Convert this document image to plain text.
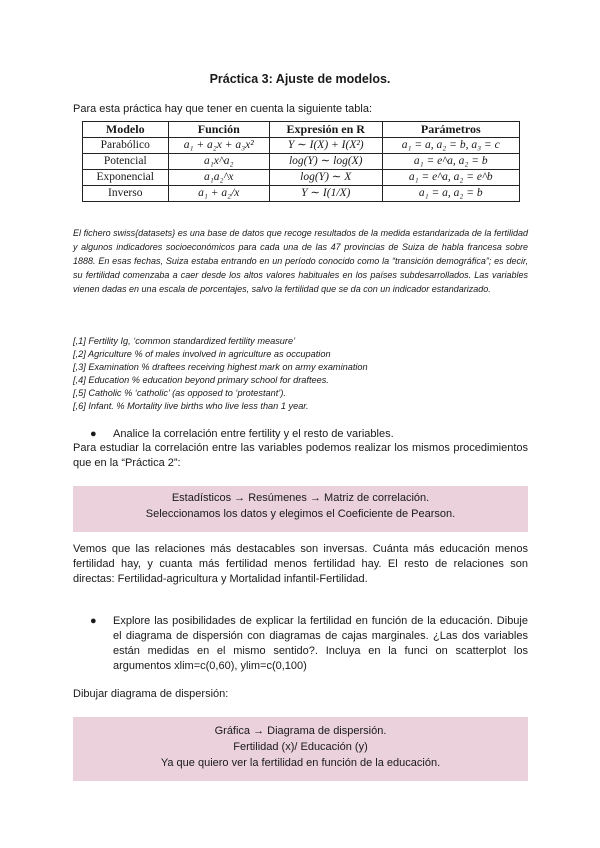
Práctica 3: Ajuste de modelos.
Para esta práctica hay que tener en cuenta la siguiente tabla:
Modelo	Función	Expresión en R	Parámetros
Parabólico	a₁ + a₂x + a₃x²	Y ∼ I(X) + I(X²)	a₁ = a, a₂ = b, a₃ = c
Potencial	a₁x^a₂	log(Y) ∼ log(X)	a₁ = e^a, a₂ = b
Exponencial	a₁a₂^x	log(Y) ∼ X	a₁ = e^a, a₂ = e^b
Inverso	a₁ + a₂/x	Y ∼ I(1/X)	a₁ = a, a₂ = b
El fichero swiss{datasets} es una base de datos que recoge resultados de la medida estandarizada de la fertilidad y algunos indicadores socioeconómicos para cada una de las 47 provincias de Suiza de habla francesa sobre 1888. En esas fechas, Suiza estaba entrando en un período conocido como la “transición demográfica”; es decir, su fertilidad comenzaba a caer desde los altos valores habituales en los países subdesarrollados. Las variables vienen dadas en una escala de porcentajes, salvo la fertilidad que se da con un indicador estandarizado.
[,1] Fertility Ig, ‘common standardized fertility measure’
[,2] Agriculture % of males involved in agriculture as occupation
[,3] Examination % draftees receiving highest mark on army examination
[,4] Education % education beyond primary school for draftees.
[,5] Catholic % ‘catholic’ (as opposed to ‘protestant’).
[,6] Infant. % Mortality live births who live less than 1 year.
●	Analice la correlación entre fertility y el resto de variables.
Para estudiar la correlación entre las variables podemos realizar los mismos procedimientos que en la “Práctica 2”:
Estadísticos → Resúmenes → Matriz de correlación.
Seleccionamos los datos y elegimos el Coeficiente de Pearson.
Vemos que las relaciones más destacables son inversas. Cuánta más educación menos fertilidad hay, y cuanta más fertilidad menos fertilidad hay. El resto de relaciones son directas: Fertilidad-agricultura y Mortalidad infantil-Fertilidad.
●	Explore las posibilidades de explicar la fertilidad en función de la educación. Dibuje el diagrama de dispersión con diagramas de cajas marginales. ¿Las dos variables están medidas en el mismo sentido?. Incluya en la funci on scatterplot los argumentos xlim=c(0,60), ylim=c(0,100)
Dibujar diagrama de dispersión:
Gráfica → Diagrama de dispersión.
Fertilidad (x)/ Educación (y)
Ya que quiero ver la fertilidad en función de la educación.
